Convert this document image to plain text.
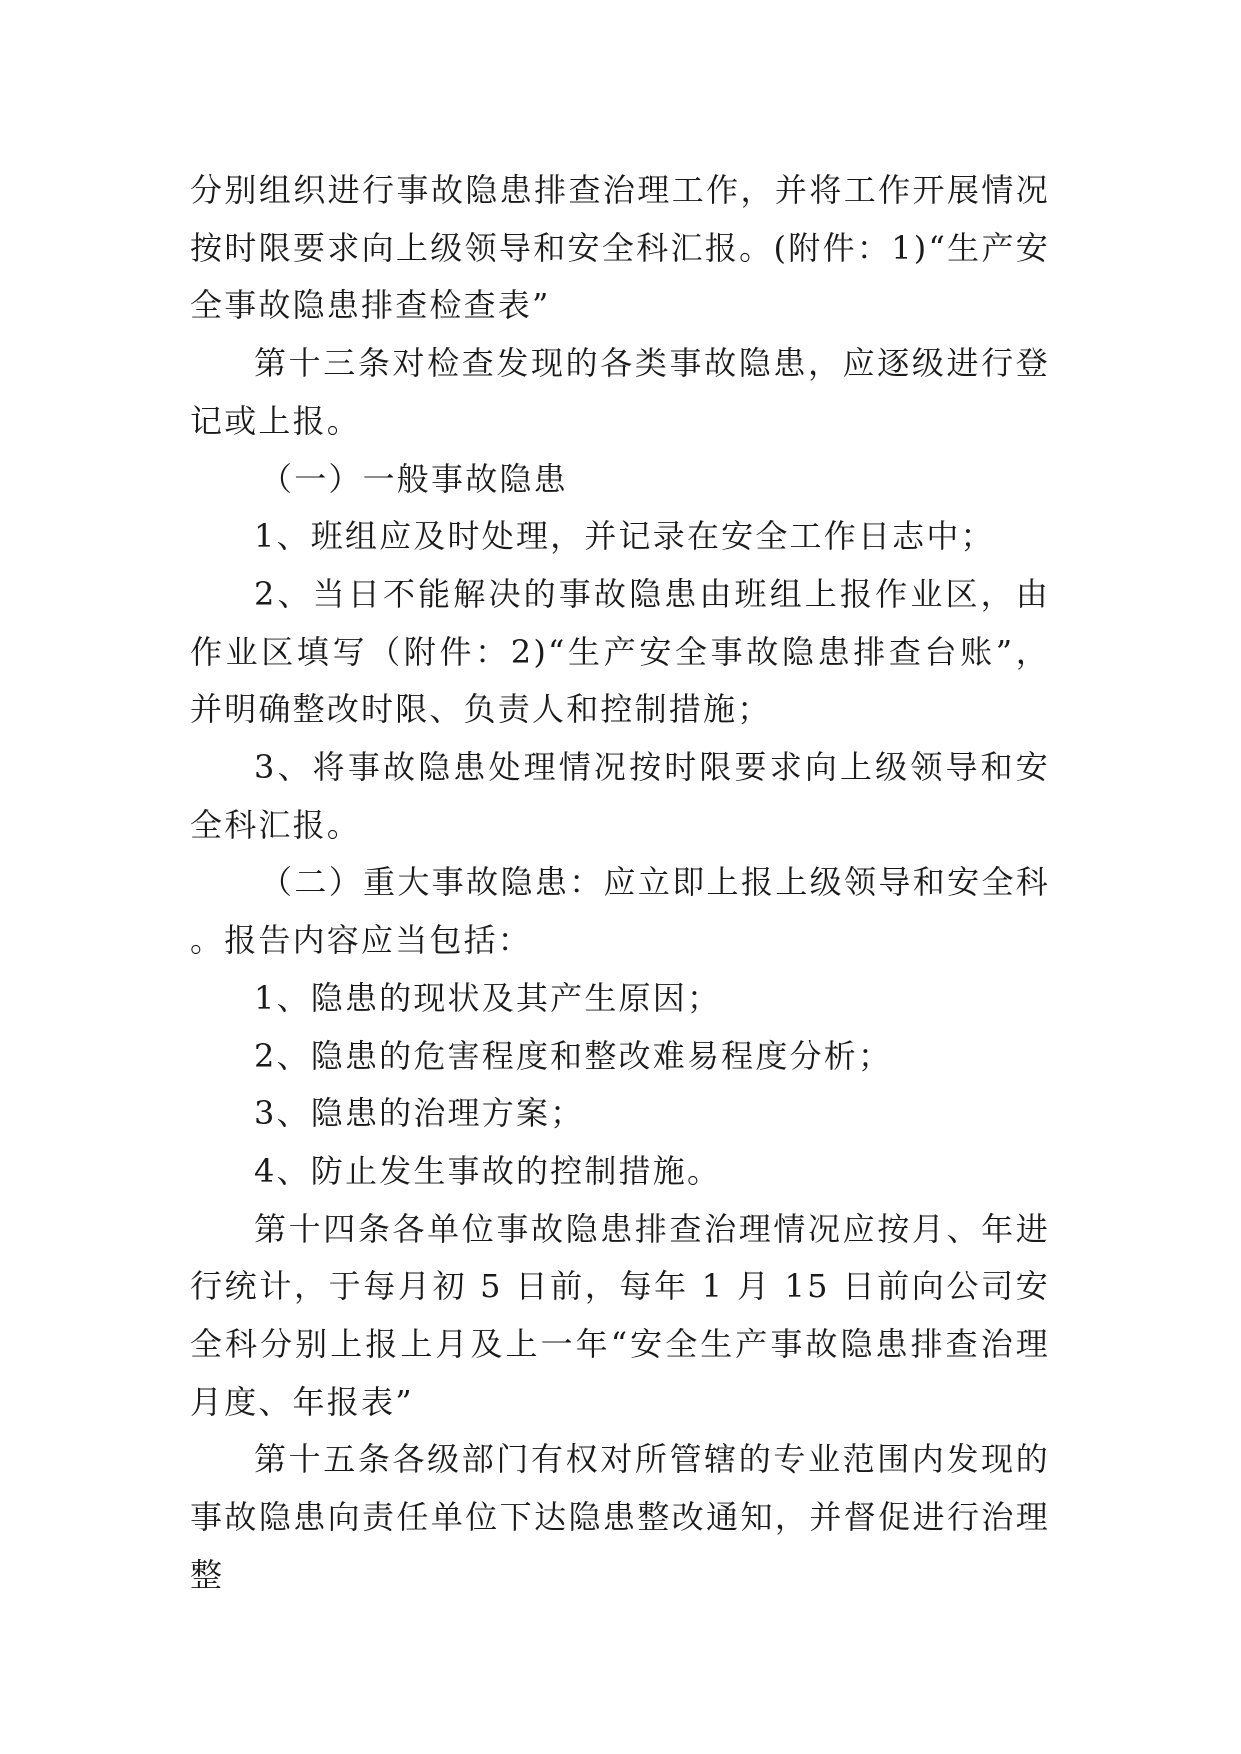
分别组织进行事故隐患排查治理工作，并将工作开展情况按时限要求向上级领导和安全科汇报。(附件：1)“生产安全事故隐患排查检查表”

第十三条对检查发现的各类事故隐患，应逐级进行登记或上报。

（一）一般事故隐患

1、班组应及时处理，并记录在安全工作日志中；

2、当日不能解决的事故隐患由班组上报作业区，由作业区填写（附件：2)“生产安全事故隐患排查台账”，并明确整改时限、负责人和控制措施；

3、将事故隐患处理情况按时限要求向上级领导和安全科汇报。

（二）重大事故隐患：应立即上报上级领导和安全科。报告内容应当包括：

1、隐患的现状及其产生原因；

2、隐患的危害程度和整改难易程度分析；

3、隐患的治理方案；

4、防止发生事故的控制措施。

第十四条各单位事故隐患排查治理情况应按月、年进行统计，于每月初 5 日前，每年 1 月 15 日前向公司安全科分别上报上月及上一年“安全生产事故隐患排查治理月度、年报表”

第十五条各级部门有权对所管辖的专业范围内发现的事故隐患向责任单位下达隐患整改通知，并督促进行治理整
